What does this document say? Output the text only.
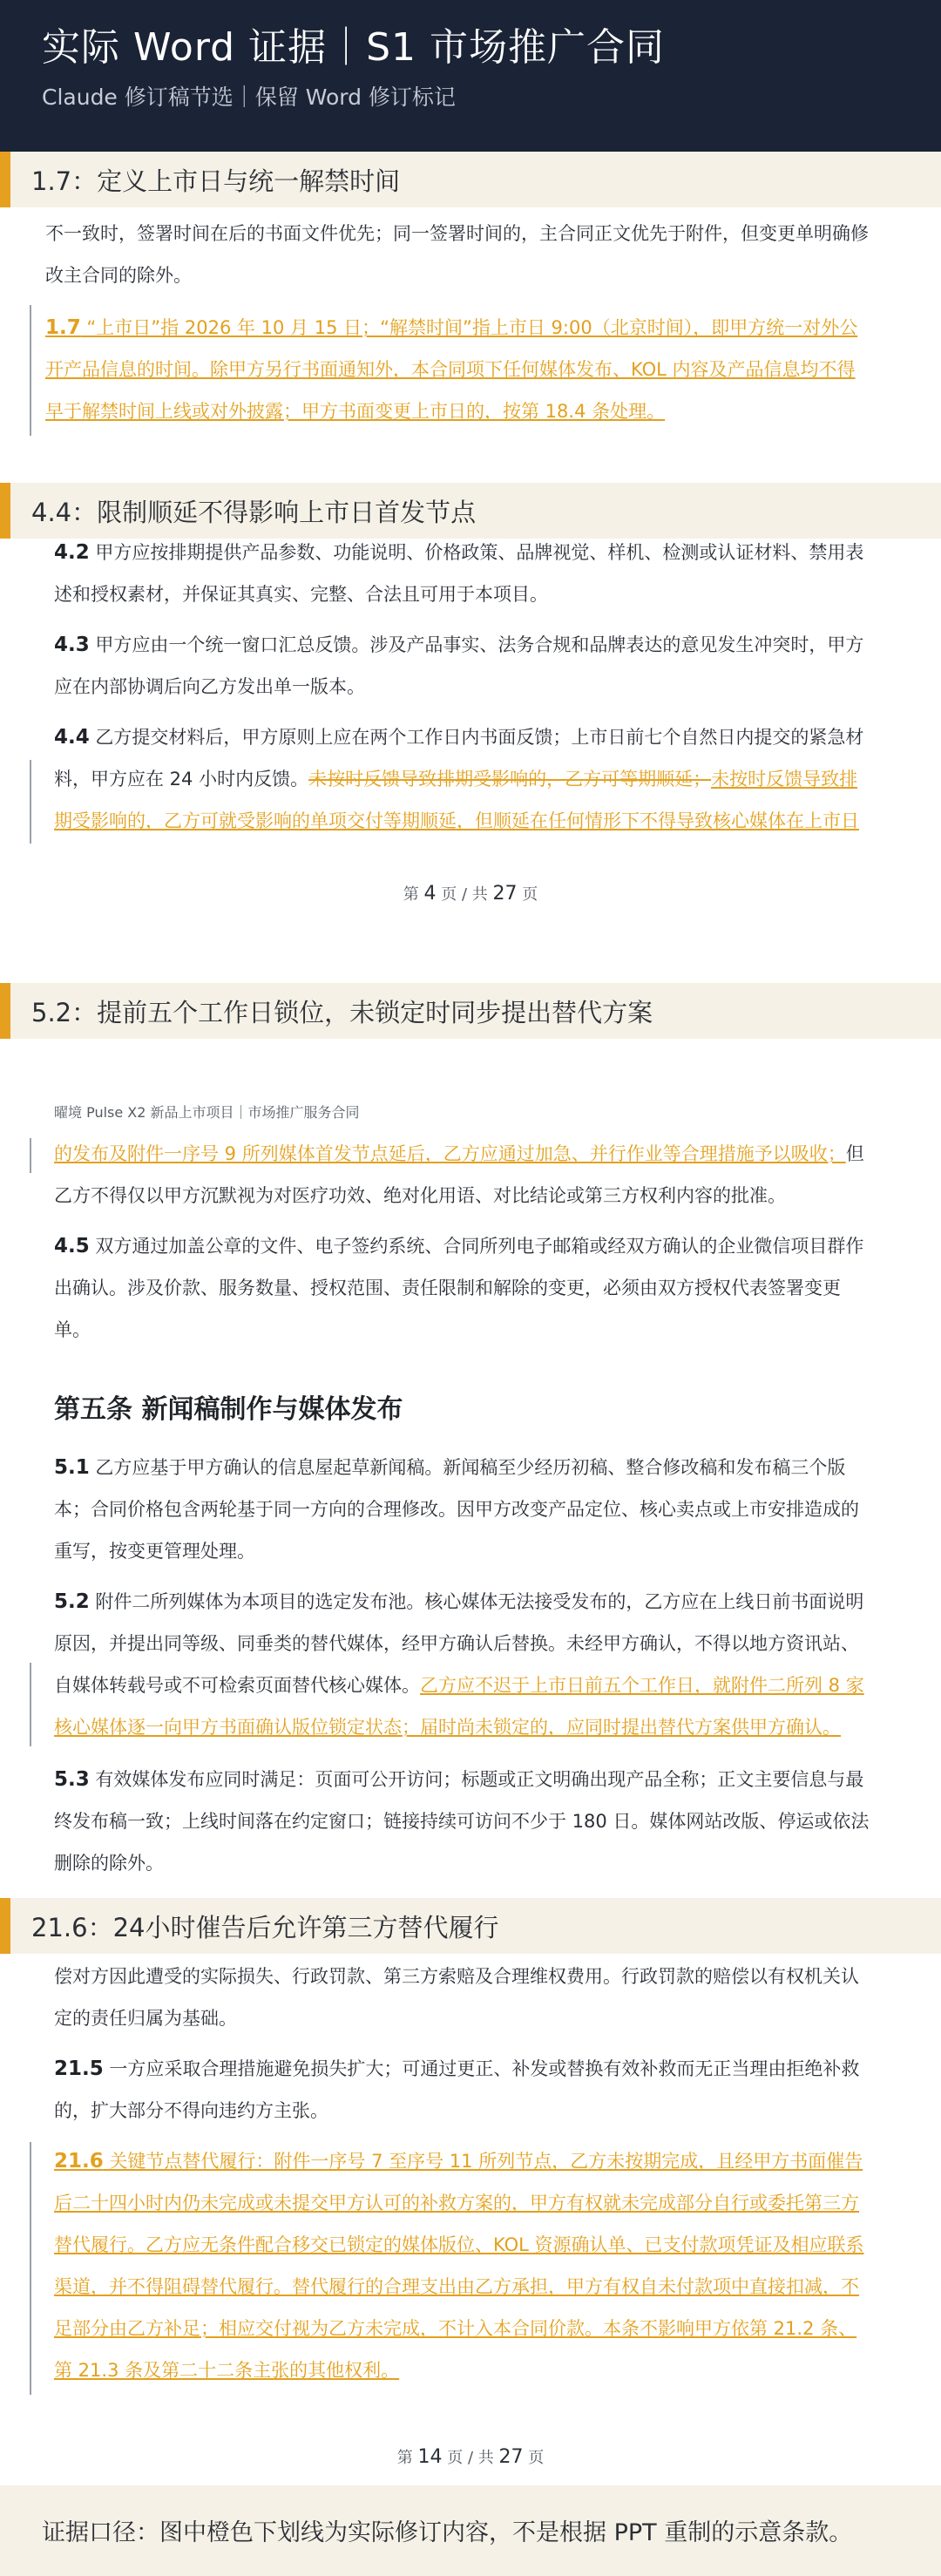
实际 Word 证据｜S1 市场推广合同
Claude 修订稿节选｜保留 Word 修订标记
1.7：定义上市日与统一解禁时间
不一致时，签署时间在后的书面文件优先；同一签署时间的，主合同正文优先于附件，但变更单明确修改主合同的除外。
1.7 “上市日”指 2026 年 10 月 15 日；“解禁时间”指上市日 9:00（北京时间），即甲方统一对外公开产品信息的时间。除甲方另行书面通知外，本合同项下任何媒体发布、KOL 内容及产品信息均不得早于解禁时间上线或对外披露；甲方书面变更上市日的，按第 18.4 条处理。
4.4：限制顺延不得影响上市日首发节点
4.2 甲方应按排期提供产品参数、功能说明、价格政策、品牌视觉、样机、检测或认证材料、禁用表述和授权素材，并保证其真实、完整、合法且可用于本项目。
4.3 甲方应由一个统一窗口汇总反馈。涉及产品事实、法务合规和品牌表达的意见发生冲突时，甲方应在内部协调后向乙方发出单一版本。
4.4 乙方提交材料后，甲方原则上应在两个工作日内书面反馈；上市日前七个自然日内提交的紧急材料，甲方应在 24 小时内反馈。未按时反馈导致排期受影响的，乙方可等期顺延；未按时反馈导致排期受影响的，乙方可就受影响的单项交付等期顺延，但顺延在任何情形下不得导致核心媒体在上市日
第 4 页 / 共 27 页
5.2：提前五个工作日锁位，未锁定时同步提出替代方案
曜境 Pulse X2 新品上市项目｜市场推广服务合同
的发布及附件一序号 9 所列媒体首发节点延后，乙方应通过加急、并行作业等合理措施予以吸收；但乙方不得仅以甲方沉默视为对医疗功效、绝对化用语、对比结论或第三方权利内容的批准。
4.5 双方通过加盖公章的文件、电子签约系统、合同所列电子邮箱或经双方确认的企业微信项目群作出确认。涉及价款、服务数量、授权范围、责任限制和解除的变更，必须由双方授权代表签署变更单。
第五条 新闻稿制作与媒体发布
5.1 乙方应基于甲方确认的信息屋起草新闻稿。新闻稿至少经历初稿、整合修改稿和发布稿三个版本；合同价格包含两轮基于同一方向的合理修改。因甲方改变产品定位、核心卖点或上市安排造成的重写，按变更管理处理。
5.2 附件二所列媒体为本项目的选定发布池。核心媒体无法接受发布的，乙方应在上线日前书面说明原因，并提出同等级、同垂类的替代媒体，经甲方确认后替换。未经甲方确认，不得以地方资讯站、自媒体转载号或不可检索页面替代核心媒体。乙方应不迟于上市日前五个工作日，就附件二所列 8 家核心媒体逐一向甲方书面确认版位锁定状态；届时尚未锁定的，应同时提出替代方案供甲方确认。
5.3 有效媒体发布应同时满足：页面可公开访问；标题或正文明确出现产品全称；正文主要信息与最终发布稿一致；上线时间落在约定窗口；链接持续可访问不少于 180 日。媒体网站改版、停运或依法删除的除外。
21.6：24小时催告后允许第三方替代履行
偿对方因此遭受的实际损失、行政罚款、第三方索赔及合理维权费用。行政罚款的赔偿以有权机关认定的责任归属为基础。
21.5 一方应采取合理措施避免损失扩大；可通过更正、补发或替换有效补救而无正当理由拒绝补救的，扩大部分不得向违约方主张。
21.6 关键节点替代履行：附件一序号 7 至序号 11 所列节点，乙方未按期完成，且经甲方书面催告后二十四小时内仍未完成或未提交甲方认可的补救方案的，甲方有权就未完成部分自行或委托第三方替代履行。乙方应无条件配合移交已锁定的媒体版位、KOL 资源确认单、已支付款项凭证及相应联系渠道，并不得阻碍替代履行。替代履行的合理支出由乙方承担，甲方有权自未付款项中直接扣减，不足部分由乙方补足；相应交付视为乙方未完成，不计入本合同价款。本条不影响甲方依第 21.2 条、第 21.3 条及第二十二条主张的其他权利。
第 14 页 / 共 27 页
证据口径：图中橙色下划线为实际修订内容，不是根据 PPT 重制的示意条款。
